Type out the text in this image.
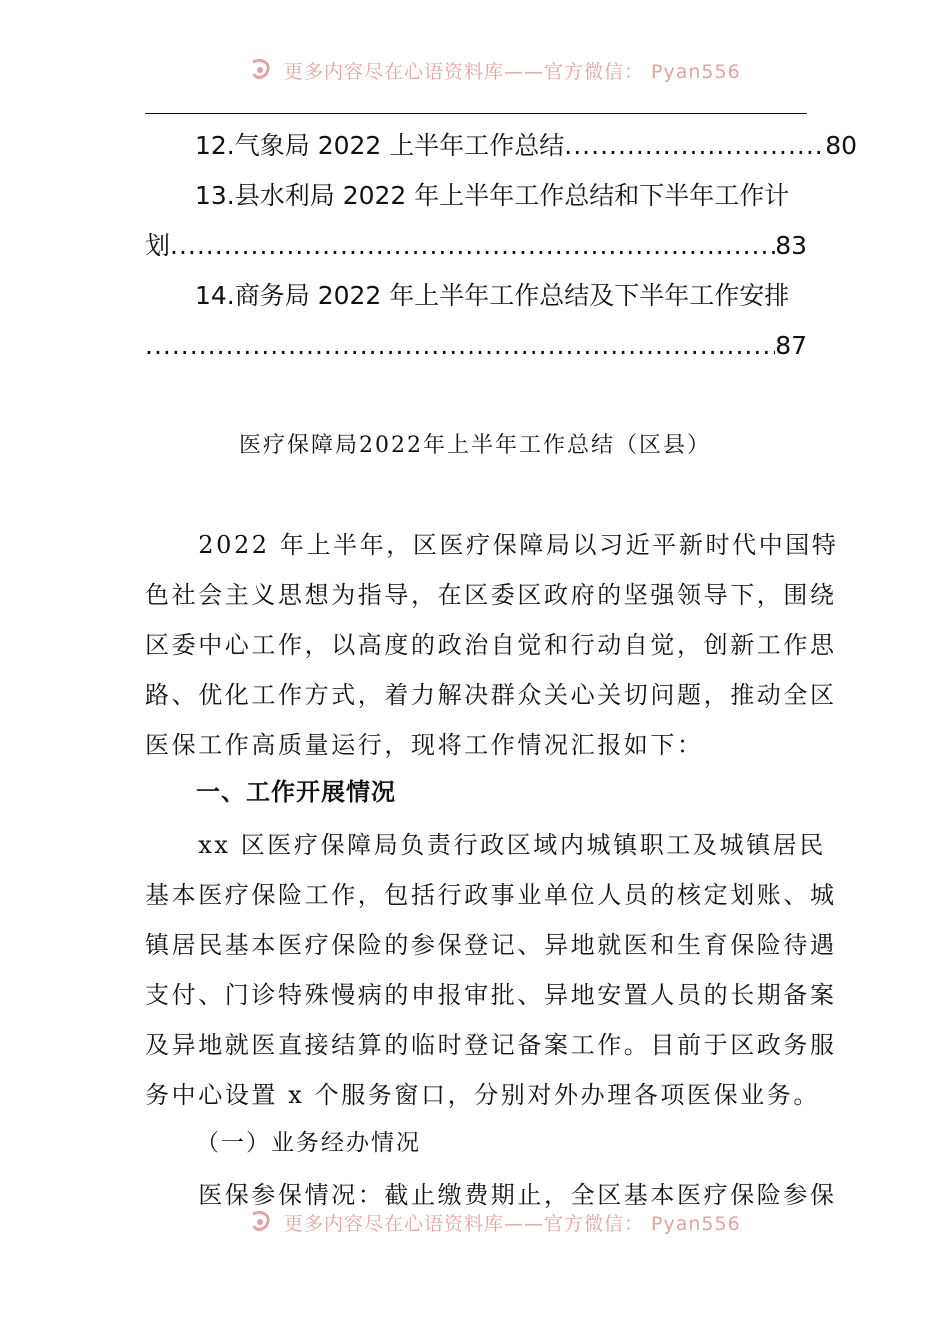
更多内容尽在心语资料库——官方微信： Pyan556
12.气象局 2022 上半年工作总结 .....	80
13.县水利局 2022 年上半年工作总结和下半年工作计
划 .....	83
14.商务局 2022 年上半年工作总结及下半年工作安排
.....
87
医疗保障局2022年上半年工作总结（区县）
　　2022 年上半年，区医疗保障局以习近平新时代中国特
色社会主义思想为指导，在区委区政府的坚强领导下，围绕
区委中心工作，以高度的政治自觉和行动自觉，创新工作思
路、优化工作方式，着力解决群众关心关切问题，推动全区
医保工作高质量运行，现将工作情况汇报如下：
一、工作开展情况
　　xx 区医疗保障局负责行政区域内城镇职工及城镇居民
基本医疗保险工作，包括行政事业单位人员的核定划账、城
镇居民基本医疗保险的参保登记、异地就医和生育保险待遇
支付、门诊特殊慢病的申报审批、异地安置人员的长期备案
及异地就医直接结算的临时登记备案工作。目前于区政务服
务中心设置 x 个服务窗口，分别对外办理各项医保业务。
（一）业务经办情况
　　医保参保情况：截止缴费期止，全区基本医疗保险参保
更多内容尽在心语资料库——官方微信： Pyan556
